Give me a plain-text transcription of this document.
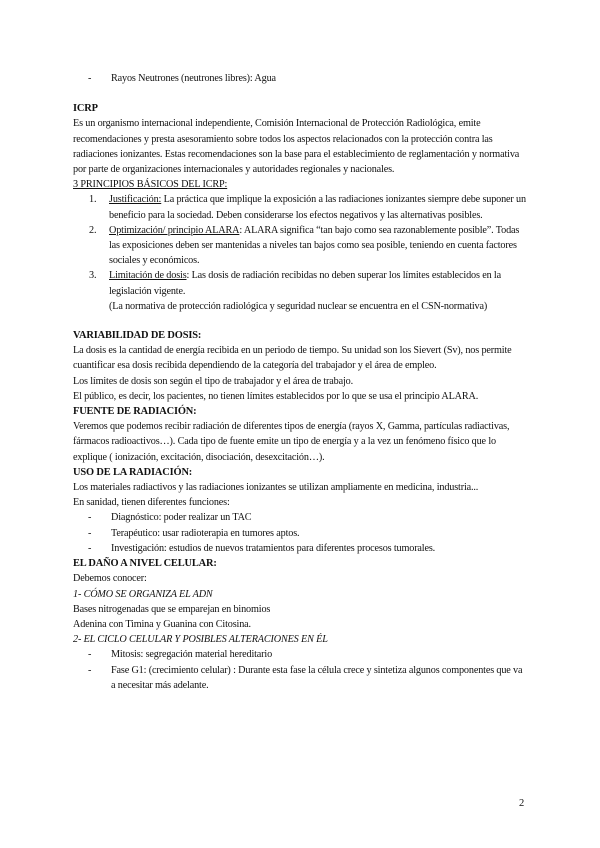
-	Rayos Neutrones (neutrones libres): Agua
ICRP

Es un organismo internacional independiente, Comisión Internacional de Protección Radiológica, emite recomendaciones y presta asesoramiento sobre todos los aspectos relacionados con la protección contra las radiaciones ionizantes. Estas recomendaciones son la base para el establecimiento de reglamentación y normativa por parte de organizaciones internacionales y autoridades regionales y nacionales.

3 PRINCIPIOS BÁSICOS DEL ICRP:

1.	Justificación: La práctica que implique la exposición a las radiaciones ionizantes siempre debe suponer un beneficio para la sociedad. Deben considerarse los efectos negativos y las alternativas posibles.
2.	Optimización/ principio ALARA: ALARA significa “tan bajo como sea razonablemente posible”. Todas las exposiciones deben ser mantenidas a niveles tan bajos como sea posible, teniendo en cuenta factores sociales y económicos.
3.	Limitación de dosis: Las dosis de radiación recibidas no deben superar los límites establecidos en la legislación vigente.
(La normativa de protección radiológica y seguridad nuclear se encuentra en el CSN-normativa)
VARIABILIDAD DE DOSIS:

La dosis es la cantidad de energía recibida en un periodo de tiempo. Su unidad son los Sievert (Sv), nos permite cuantificar esa dosis recibida dependiendo de la categoría del trabajador y el área de empleo.

Los límites de dosis son según el tipo de trabajador y el área de trabajo.

El público, es decir, los pacientes, no tienen límites establecidos por lo que se usa el principio ALARA.

FUENTE DE RADIACIÓN:

Veremos que podemos recibir radiación de diferentes tipos de energía (rayos X, Gamma, partículas radiactivas, fármacos radioactivos…). Cada tipo de fuente emite un tipo de energía y a la vez un fenómeno físico que lo explique ( ionización, excitación, disociación, desexcitación…).

USO DE LA RADIACIÓN:

Los materiales radiactivos y las radiaciones ionizantes se utilizan ampliamente en medicina, industria...

En sanidad, tienen diferentes funciones:

-	Diagnóstico: poder realizar un TAC
-	Terapéutico: usar radioterapia en tumores aptos.
-	Investigación: estudios de nuevos tratamientos para diferentes procesos tumorales.
EL DAÑO A NIVEL CELULAR:

Debemos conocer:

1- CÓMO SE ORGANIZA EL ADN

Bases nitrogenadas que se emparejan en binomios

Adenina con Timina y Guanina con Citosina.

2- EL CICLO CELULAR Y POSIBLES ALTERACIONES EN ÉL

-	Mitosis: segregación material hereditario
-	Fase G1: (crecimiento celular) : Durante esta fase la célula crece y sintetiza algunos componentes que va a necesitar más adelante.
2
